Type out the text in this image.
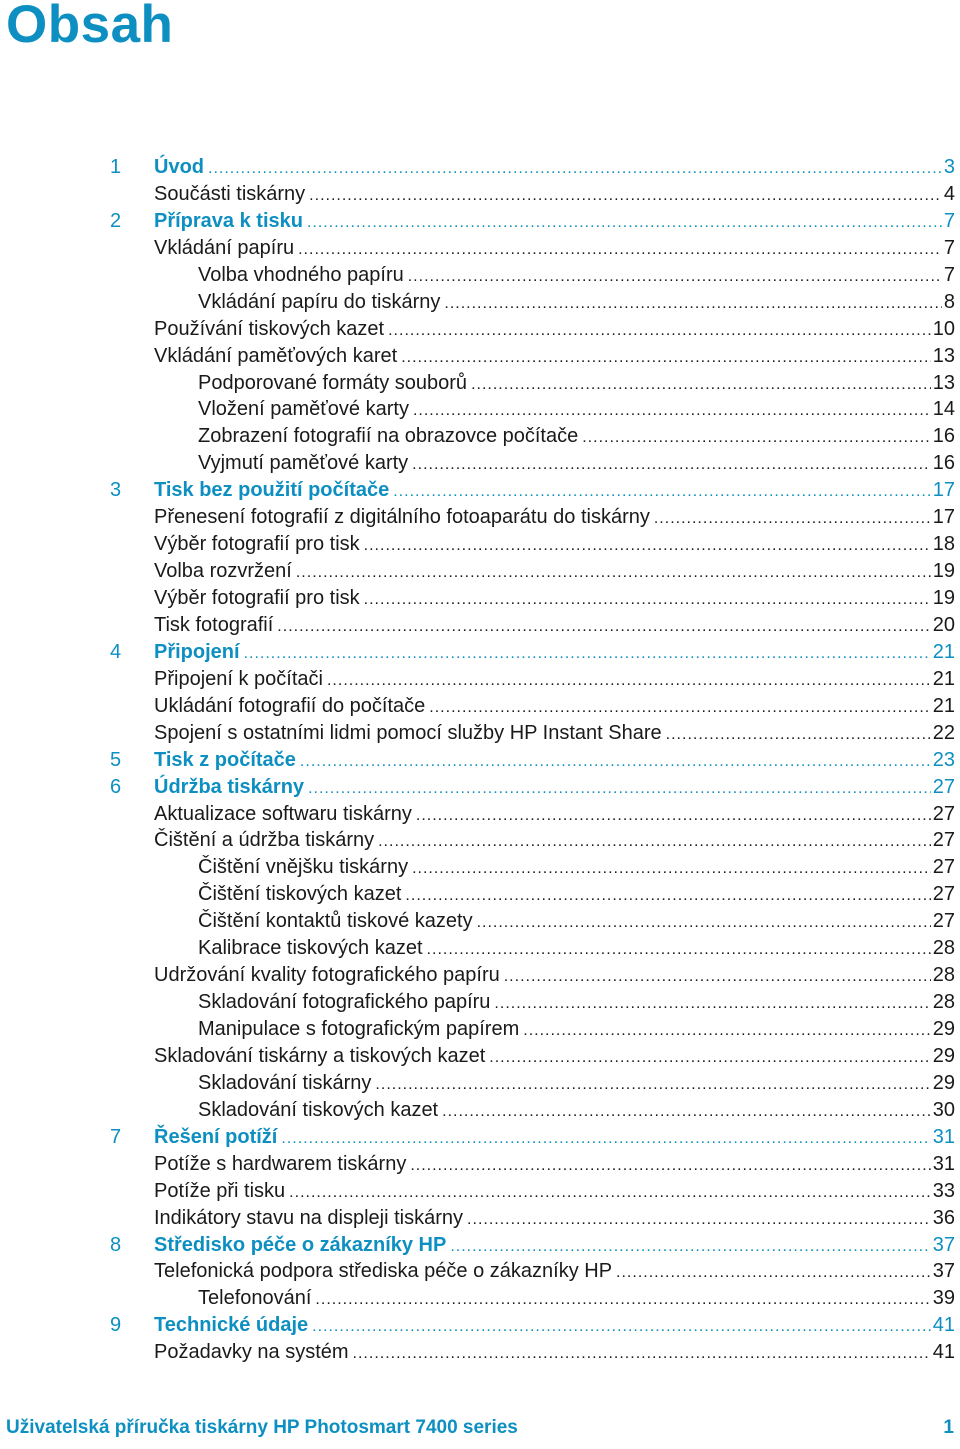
Obsah
1	Úvod .....	3
Součásti tiskárny .....	4
2	Příprava k tisku .....	7
Vkládání papíru .....	7
Volba vhodného papíru .....	7
Vkládání papíru do tiskárny .....	8
Používání tiskových kazet .....	10
Vkládání paměťových karet .....	13
Podporované formáty souborů .....	13
Vložení paměťové karty .....	14
Zobrazení fotografií na obrazovce počítače .....	16
Vyjmutí paměťové karty .....	16
3	Tisk bez použití počítače .....	17
Přenesení fotografií z digitálního fotoaparátu do tiskárny .....	17
Výběr fotografií pro tisk .....	18
Volba rozvržení .....	19
Výběr fotografií pro tisk .....	19
Tisk fotografií .....	20
4	Připojení .....	21
Připojení k počítači .....	21
Ukládání fotografií do počítače .....	21
Spojení s ostatními lidmi pomocí služby HP Instant Share .....	22
5	Tisk z počítače .....	23
6	Údržba tiskárny .....	27
Aktualizace softwaru tiskárny .....	27
Čištění a údržba tiskárny .....	27
Čištění vnějšku tiskárny .....	27
Čištění tiskových kazet .....	27
Čištění kontaktů tiskové kazety .....	27
Kalibrace tiskových kazet .....	28
Udržování kvality fotografického papíru .....	28
Skladování fotografického papíru .....	28
Manipulace s fotografickým papírem .....	29
Skladování tiskárny a tiskových kazet .....	29
Skladování tiskárny .....	29
Skladování tiskových kazet .....	30
7	Řešení potíží .....	31
Potíže s hardwarem tiskárny .....	31
Potíže při tisku .....	33
Indikátory stavu na displeji tiskárny .....	36
8	Středisko péče o zákazníky HP .....	37
Telefonická podpora střediska péče o zákazníky HP .....	37
Telefonování .....	39
9	Technické údaje .....	41
Požadavky na systém .....	41
Uživatelská příručka tiskárny HP Photosmart 7400 series	1
